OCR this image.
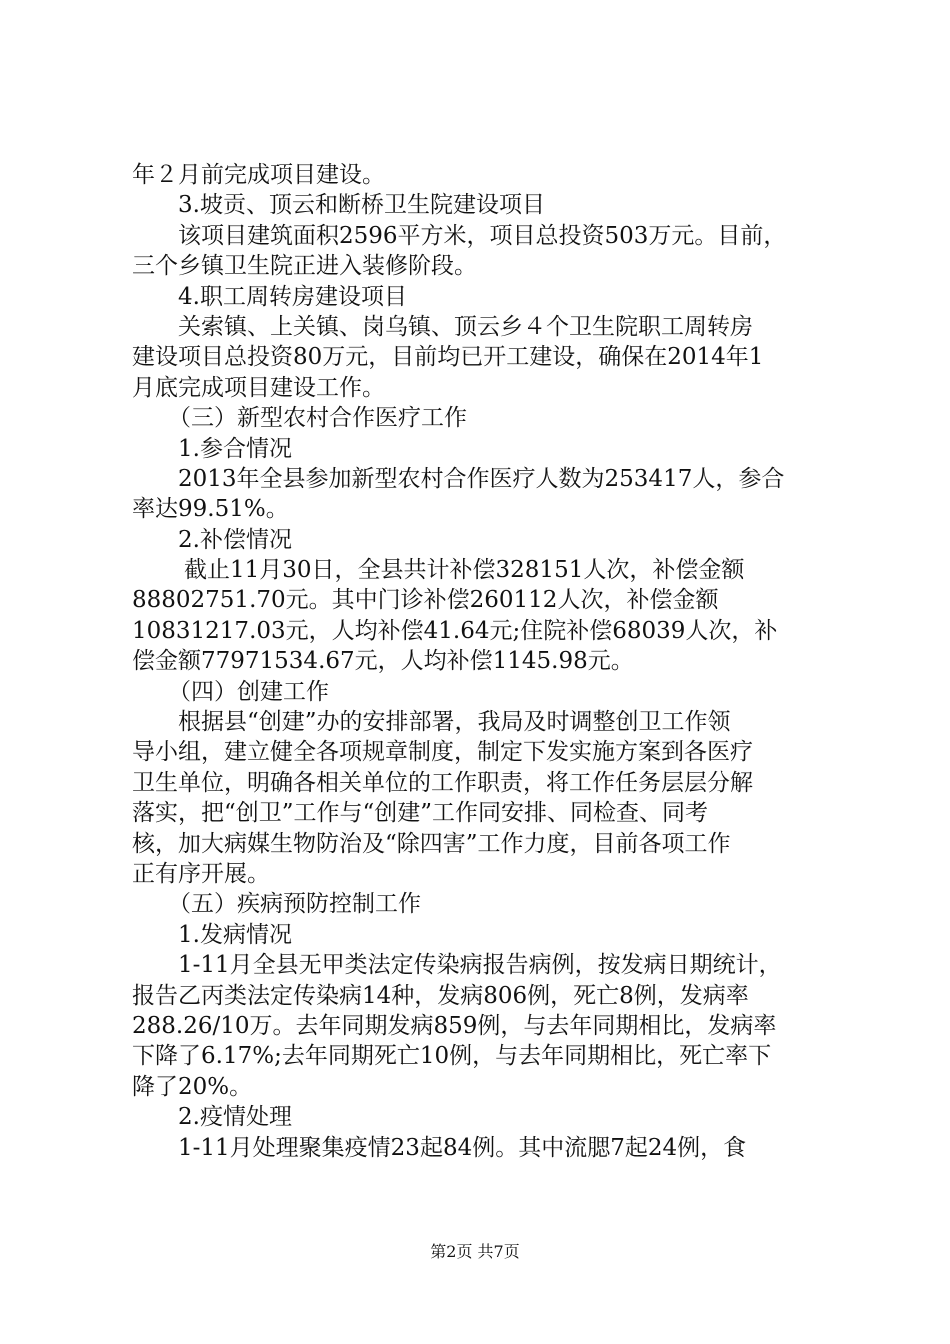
年２月前完成项目建设。
3.坡贡、顶云和断桥卫生院建设项目
该项目建筑面积2596平方米，项目总投资503万元。目前，
三个乡镇卫生院正进入装修阶段。
4.职工周转房建设项目
关索镇、上关镇、岗乌镇、顶云乡４个卫生院职工周转房
建设项目总投资80万元，目前均已开工建设，确保在2014年1
月底完成项目建设工作。
（三）新型农村合作医疗工作
1.参合情况
2013年全县参加新型农村合作医疗人数为253417人，参合
率达99.51%。
2.补偿情况
截止11月30日，全县共计补偿328151人次，补偿金额
88802751.70元。其中门诊补偿260112人次，补偿金额
10831217.03元，人均补偿41.64元;住院补偿68039人次，补
偿金额77971534.67元，人均补偿1145.98元。
（四）创建工作
根据县“创建”办的安排部署，我局及时调整创卫工作领
导小组，建立健全各项规章制度，制定下发实施方案到各医疗
卫生单位，明确各相关单位的工作职责，将工作任务层层分解
落实，把“创卫”工作与“创建”工作同安排、同检查、同考
核，加大病媒生物防治及“除四害”工作力度，目前各项工作
正有序开展。
（五）疾病预防控制工作
1.发病情况
1-11月全县无甲类法定传染病报告病例，按发病日期统计，
报告乙丙类法定传染病14种，发病806例，死亡8例，发病率
288.26/10万。去年同期发病859例，与去年同期相比，发病率
下降了6.17%;去年同期死亡10例，与去年同期相比，死亡率下
降了20%。
2.疫情处理
1-11月处理聚集疫情23起84例。其中流腮7起24例，食
第2页 共7页
